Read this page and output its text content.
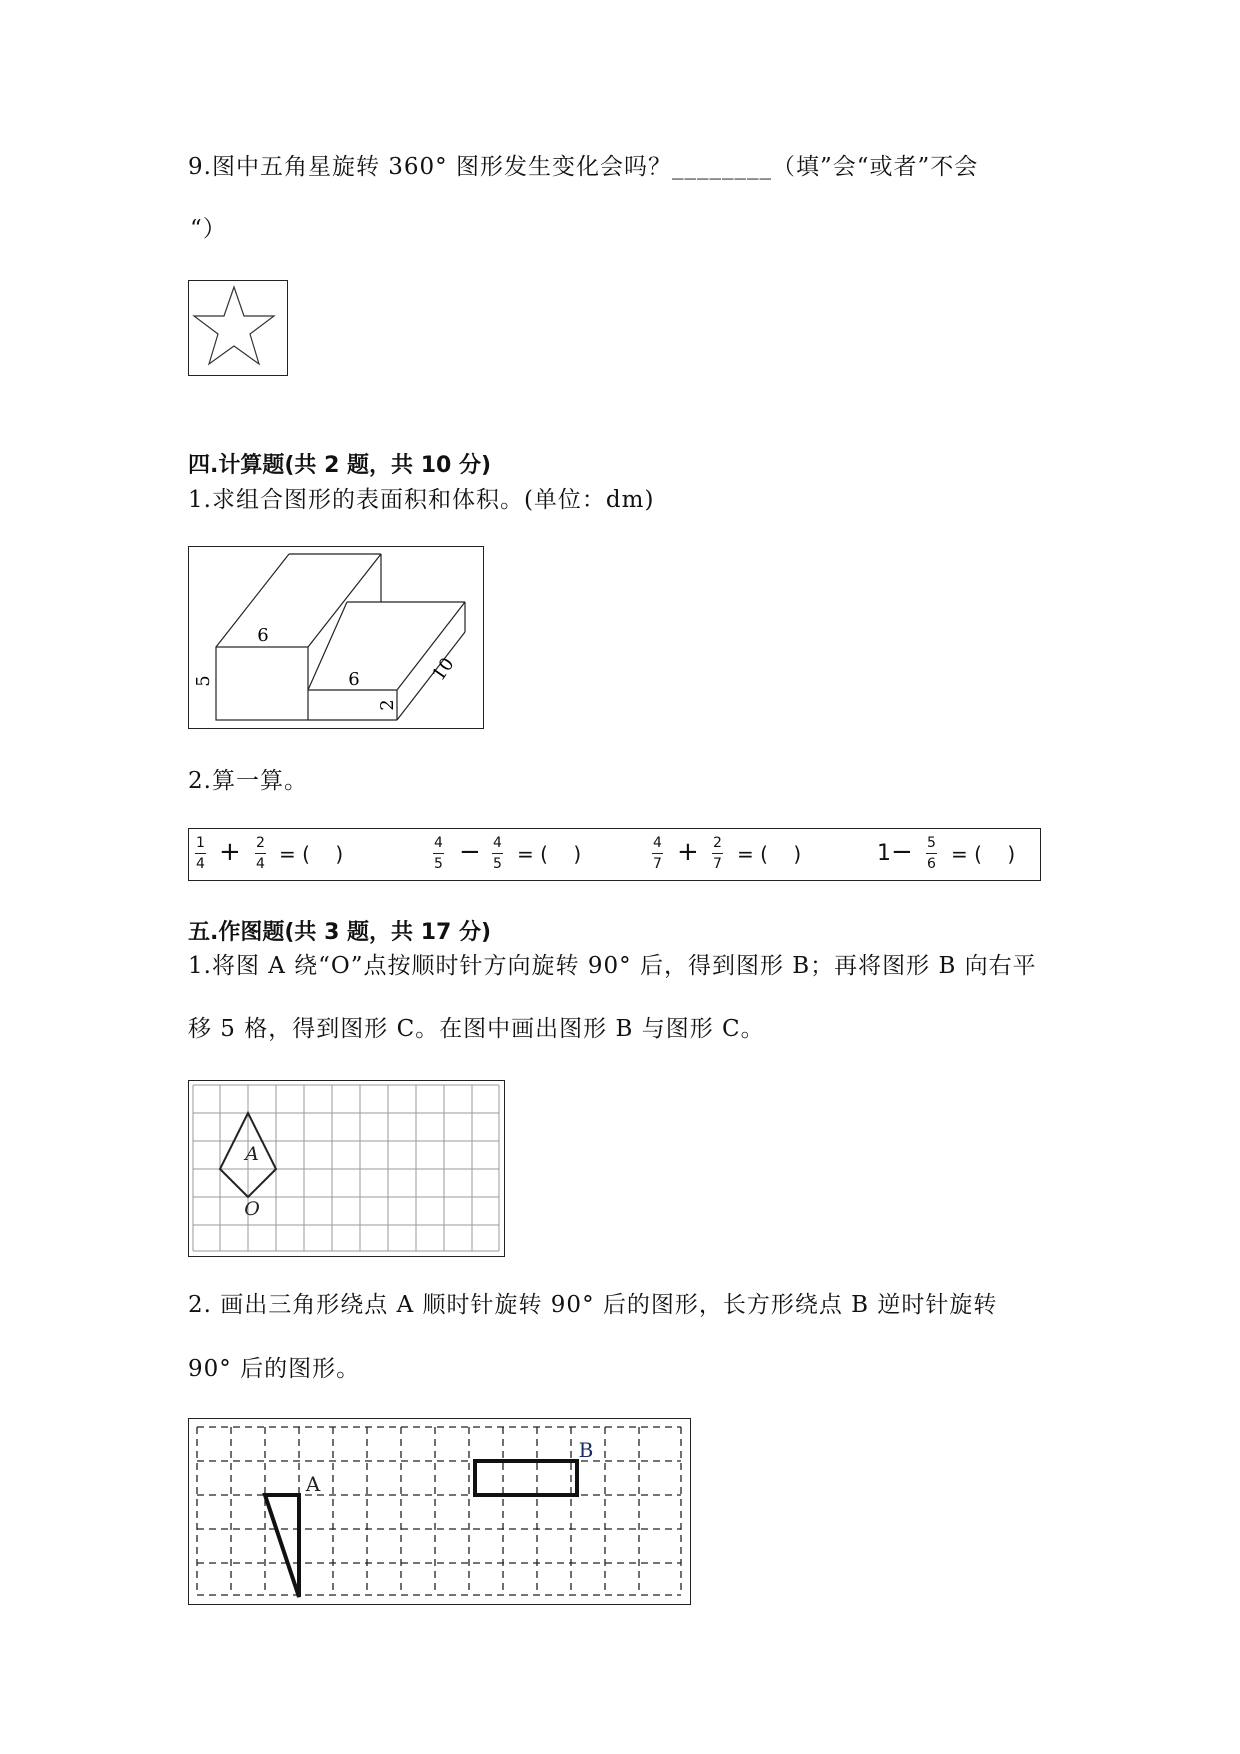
9.图中五角星旋转 360° 图形发生变化会吗？________（填”会“或者”不会
“）
四.计算题(共 2 题，共 10 分)
1.求组合图形的表面积和体积。(单位：dm)
6
5	6
2
10
2.算一算。
1
4 + 2
4 = (    )	4
5 − 4
5 = (    )	4
7 + 2
7 = (    )	1 − 5
6 = (    )
五.作图题(共 3 题，共 17 分)
1.将图 A 绕“O”点按顺时针方向旋转 90° 后，得到图形 B；再将图形 B 向右平
移 5 格，得到图形 C。在图中画出图形 B 与图形 C。
A
O
2. 画出三角形绕点 A 顺时针旋转 90° 后的图形，长方形绕点 B 逆时针旋转
90° 后的图形。
A
B
